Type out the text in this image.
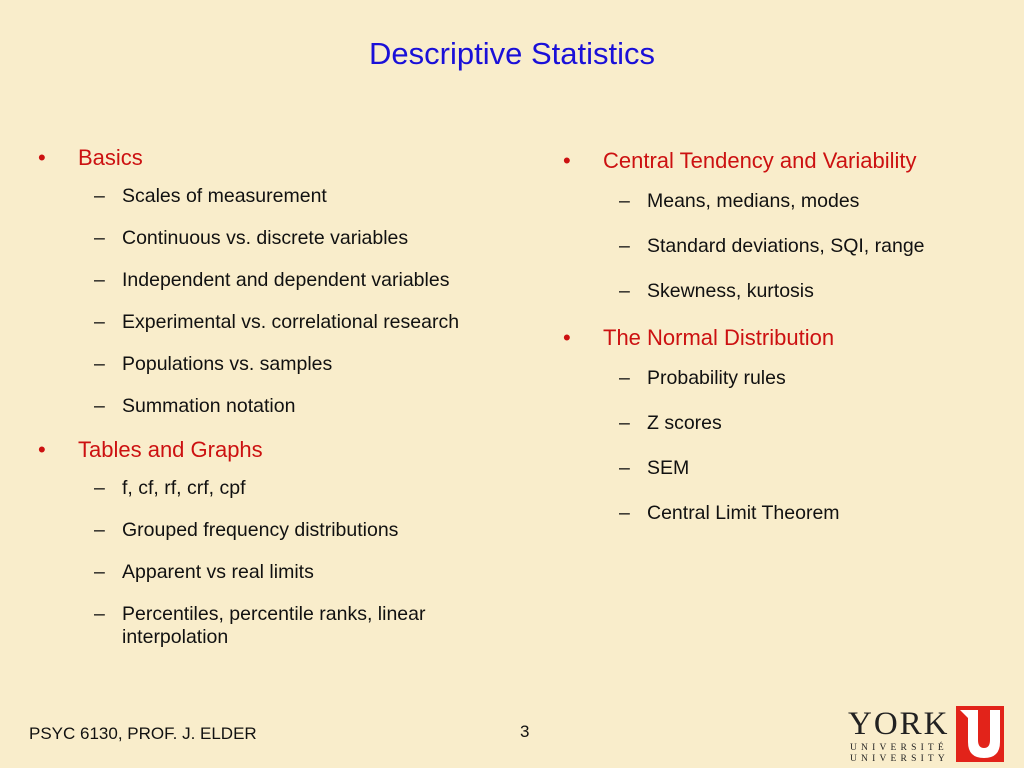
Descriptive Statistics
• Basics
– Scales of measurement
– Continuous vs. discrete variables
– Independent and dependent variables
– Experimental vs. correlational research
– Populations vs. samples
– Summation notation
• Tables and Graphs
– f, cf, rf, crf, cpf
– Grouped frequency distributions
– Apparent vs real limits
– Percentiles, percentile ranks, linear interpolation
• Central Tendency and Variability
– Means, medians, modes
– Standard deviations, SQI, range
– Skewness, kurtosis
• The Normal Distribution
– Probability rules
– Z scores
– SEM
– Central Limit Theorem
PSYC 6130, PROF. J. ELDER	3	YORK
UNIVERSITÉ
UNIVERSITY
